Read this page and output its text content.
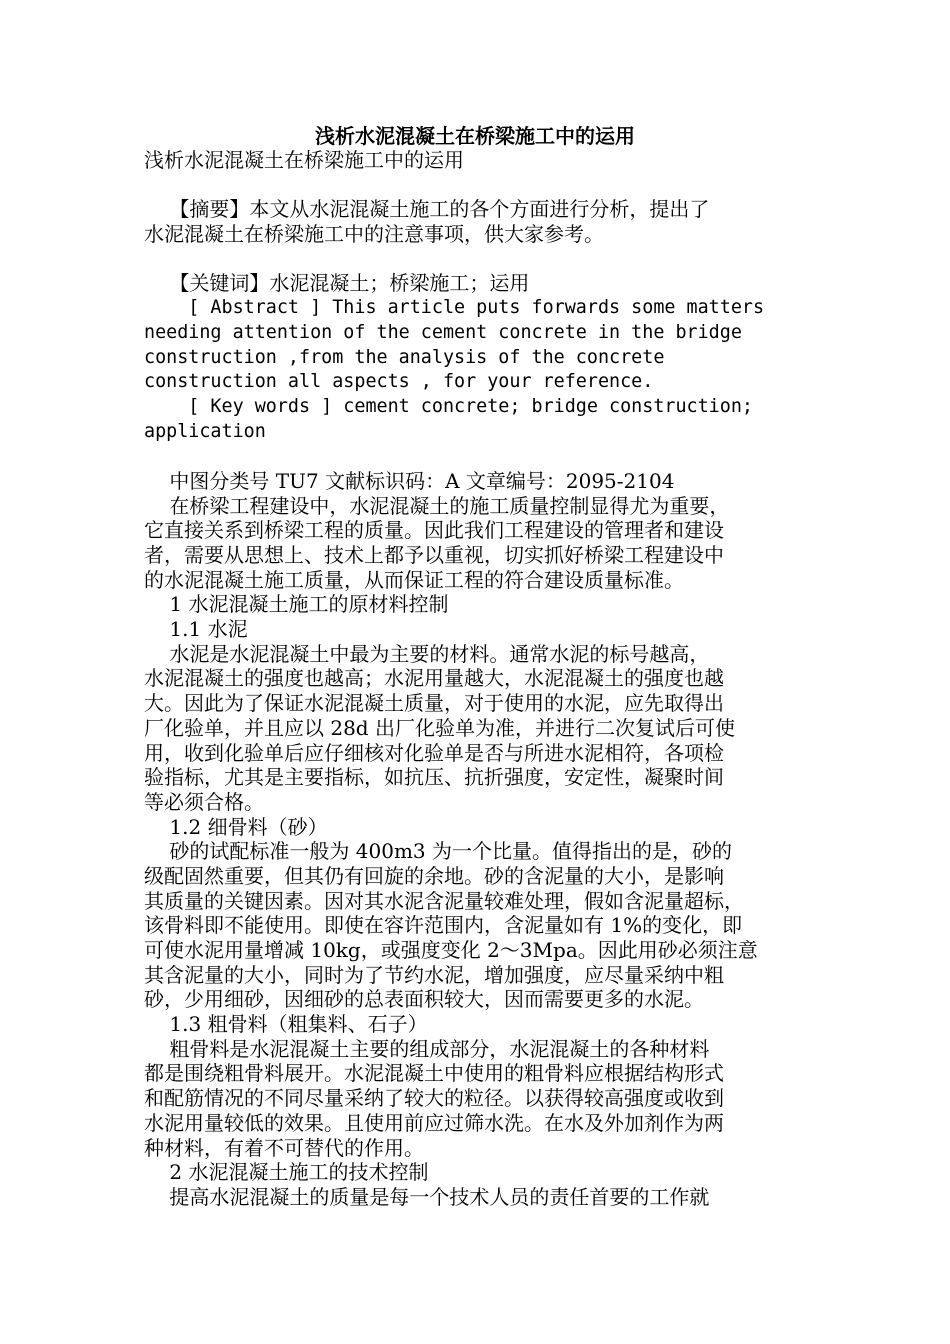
浅析水泥混凝土在桥梁施工中的运用
浅析水泥混凝土在桥梁施工中的运用
【摘要】本文从水泥混凝土施工的各个方面进行分析，提出了
水泥混凝土在桥梁施工中的注意事项，供大家参考。
【关键词】水泥混凝土；桥梁施工；运用
[ Abstract ] This article puts forwards some matters
needing attention of the cement concrete in the bridge
construction ,from the analysis of the concrete
construction all aspects , for your reference.
[ Key words ] cement concrete; bridge construction;
application
中图分类号 TU7 文献标识码：A 文章编号：2095-2104
在桥梁工程建设中，水泥混凝土的施工质量控制显得尤为重要，
它直接关系到桥梁工程的质量。因此我们工程建设的管理者和建设
者，需要从思想上、技术上都予以重视，切实抓好桥梁工程建设中
的水泥混凝土施工质量，从而保证工程的符合建设质量标准。
1 水泥混凝土施工的原材料控制
1.1 水泥
水泥是水泥混凝土中最为主要的材料。通常水泥的标号越高，
水泥混凝土的强度也越高；水泥用量越大，水泥混凝土的强度也越
大。因此为了保证水泥混凝土质量，对于使用的水泥，应先取得出
厂化验单，并且应以 28d 出厂化验单为准，并进行二次复试后可使
用，收到化验单后应仔细核对化验单是否与所进水泥相符，各项检
验指标，尤其是主要指标，如抗压、抗折强度，安定性，凝聚时间
等必须合格。
1.2 细骨料（砂）
砂的试配标准一般为 400m3 为一个比量。值得指出的是，砂的
级配固然重要，但其仍有回旋的余地。砂的含泥量的大小，是影响
其质量的关键因素。因对其水泥含泥量较难处理，假如含泥量超标，
该骨料即不能使用。即使在容许范围内，含泥量如有 1%的变化，即
可使水泥用量增减 10kg，或强度变化 2～3Mpa。因此用砂必须注意
其含泥量的大小，同时为了节约水泥，增加强度，应尽量采纳中粗
砂，少用细砂，因细砂的总表面积较大，因而需要更多的水泥。
1.3 粗骨料（粗集料、石子）
粗骨料是水泥混凝土主要的组成部分，水泥混凝土的各种材料
都是围绕粗骨料展开。水泥混凝土中使用的粗骨料应根据结构形式
和配筋情况的不同尽量采纳了较大的粒径。以获得较高强度或收到
水泥用量较低的效果。且使用前应过筛水洗。在水及外加剂作为两
种材料，有着不可替代的作用。
2 水泥混凝土施工的技术控制
提高水泥混凝土的质量是每一个技术人员的责任首要的工作就
